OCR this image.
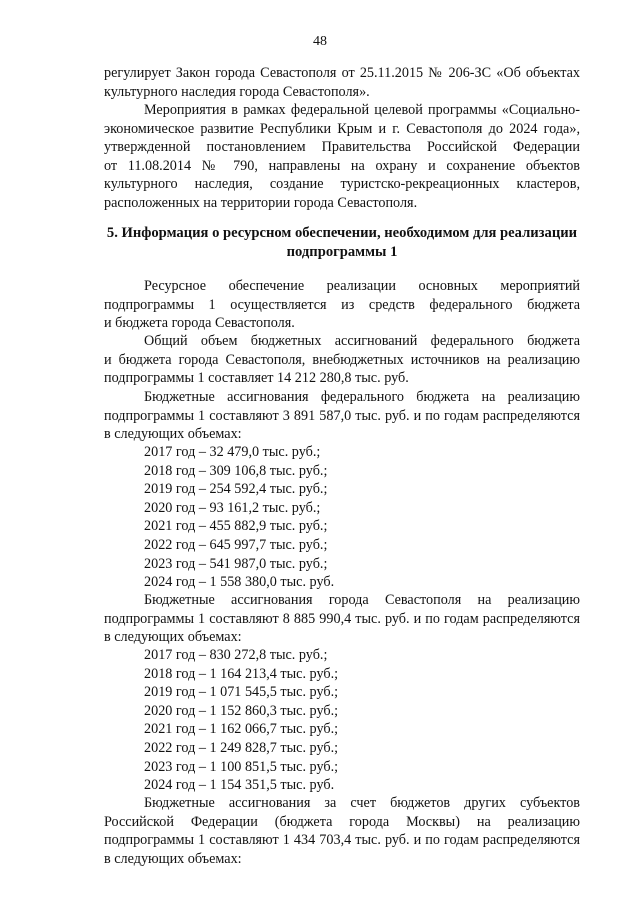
48
регулирует Закон города Севастополя от 25.11.2015 № 206-ЗС «Об объектах
культурного наследия города Севастополя».
Мероприятия в рамках федеральной целевой программы «Социально-
экономическое развитие Республики Крым и г. Севастополя до 2024 года»,
утвержденной постановлением Правительства Российской Федерации
от 11.08.2014 № 790, направлены на охрану и сохранение объектов
культурного наследия, создание туристско-рекреационных кластеров,
расположенных на территории города Севастополя.
5. Информация о ресурсном обеспечении, необходимом для реализации
подпрограммы 1
Ресурсное обеспечение реализации основных мероприятий
подпрограммы 1 осуществляется из средств федерального бюджета
и бюджета города Севастополя.
Общий объем бюджетных ассигнований федерального бюджета
и бюджета города Севастополя, внебюджетных источников на реализацию
подпрограммы 1 составляет 14 212 280,8 тыс. руб.
Бюджетные ассигнования федерального бюджета на реализацию
подпрограммы 1 составляют 3 891 587,0 тыс. руб. и по годам распределяются
в следующих объемах:
2017 год – 32 479,0 тыс. руб.;
2018 год – 309 106,8 тыс. руб.;
2019 год – 254 592,4 тыс. руб.;
2020 год – 93 161,2 тыс. руб.;
2021 год – 455 882,9 тыс. руб.;
2022 год – 645 997,7 тыс. руб.;
2023 год – 541 987,0 тыс. руб.;
2024 год – 1 558 380,0 тыс. руб.
Бюджетные ассигнования города Севастополя на реализацию
подпрограммы 1 составляют 8 885 990,4 тыс. руб. и по годам распределяются
в следующих объемах:
2017 год – 830 272,8 тыс. руб.;
2018 год – 1 164 213,4 тыс. руб.;
2019 год – 1 071 545,5 тыс. руб.;
2020 год – 1 152 860,3 тыс. руб.;
2021 год – 1 162 066,7 тыс. руб.;
2022 год – 1 249 828,7 тыс. руб.;
2023 год – 1 100 851,5 тыс. руб.;
2024 год – 1 154 351,5 тыс. руб.
Бюджетные ассигнования за счет бюджетов других субъектов
Российской Федерации (бюджета города Москвы) на реализацию
подпрограммы 1 составляют 1 434 703,4 тыс. руб. и по годам распределяются
в следующих объемах:
